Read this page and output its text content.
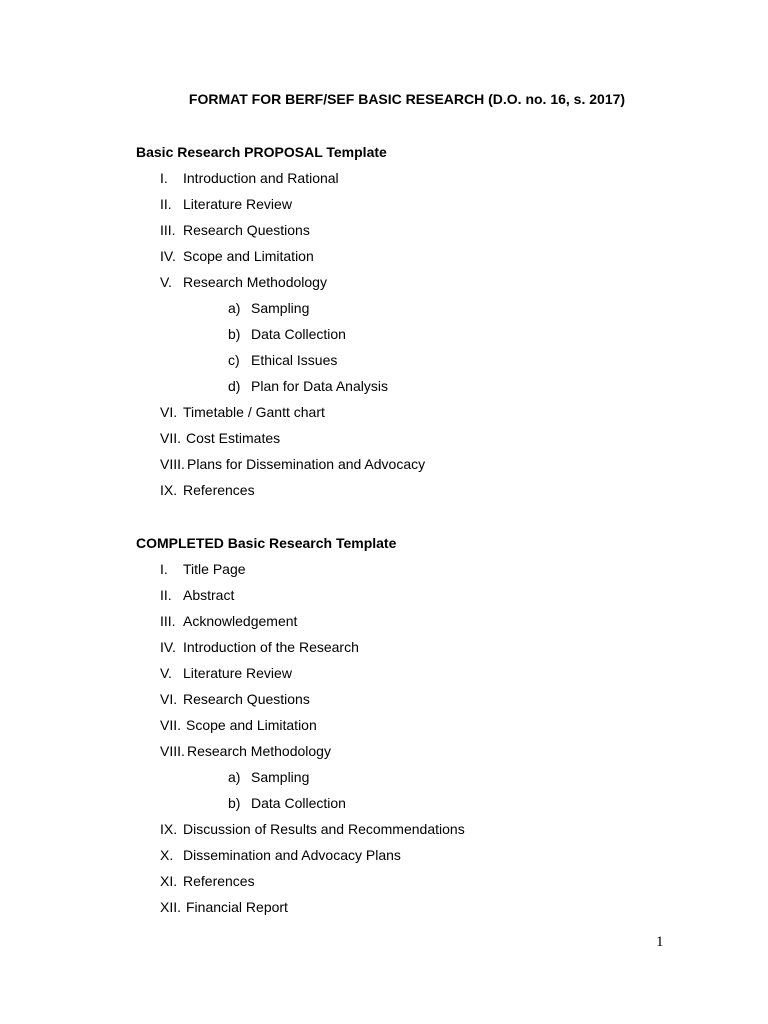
FORMAT FOR BERF/SEF BASIC RESEARCH (D.O. no. 16, s. 2017)
Basic Research PROPOSAL Template
I. Introduction and Rational
II. Literature Review
III. Research Questions
IV. Scope and Limitation
V. Research Methodology
a) Sampling
b) Data Collection
c) Ethical Issues
d) Plan for Data Analysis
VI. Timetable / Gantt chart
VII. Cost Estimates
VIII. Plans for Dissemination and Advocacy
IX. References
COMPLETED Basic Research Template
I. Title Page
II. Abstract
III. Acknowledgement
IV. Introduction of the Research
V. Literature Review
VI. Research Questions
VII. Scope and Limitation
VIII. Research Methodology
a) Sampling
b) Data Collection
IX. Discussion of Results and Recommendations
X. Dissemination and Advocacy Plans
XI. References
XII. Financial Report
1
